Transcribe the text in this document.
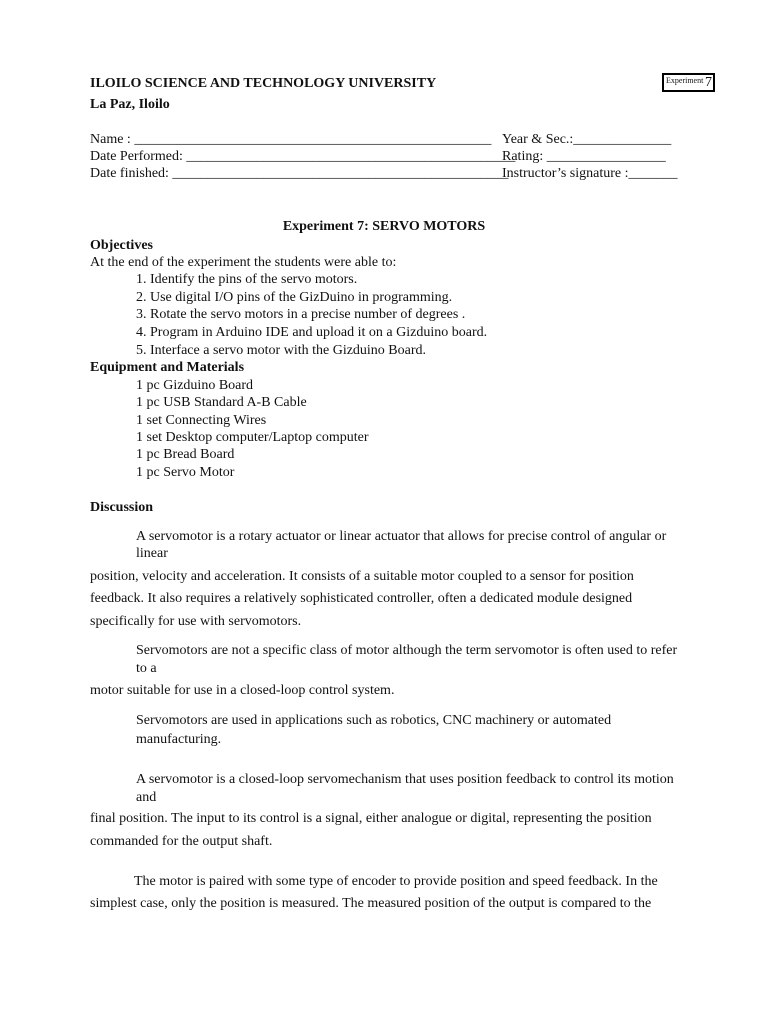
ILOILO SCIENCE AND TECHNOLOGY UNIVERSITY
La Paz, Iloilo
Experiment 7
Name : ___________________________________________________ Year & Sec.:______________
Date Performed: _______________________________________________
Rating: _________________
Date finished: ________________________________________________
Instructor’s signature :_______
Experiment 7: SERVO MOTORS
Objectives
At the end of the experiment the students were able to:
1. Identify the pins of the servo motors.
2. Use digital I/O pins of the GizDuino in programming.
3. Rotate the servo motors in a precise number of degrees .
4. Program in Arduino IDE and upload it on a Gizduino board.
5. Interface a servo motor with the Gizduino Board.
Equipment and Materials
1 pc Gizduino Board
1 pc USB Standard A-B Cable
1 set Connecting Wires
1 set Desktop computer/Laptop computer
1 pc Bread Board
1 pc Servo Motor
Discussion
A servomotor is a rotary actuator or linear actuator that allows for precise control of angular or
linear
position, velocity and acceleration. It consists of a suitable motor coupled to a sensor for position
feedback. It also requires a relatively sophisticated controller, often a dedicated module designed
specifically for use with servomotors.
Servomotors are not a specific class of motor although the term servomotor is often used to refer
to a
motor suitable for use in a closed-loop control system.
Servomotors are used in applications such as robotics, CNC machinery or automated
manufacturing.
A servomotor is a closed-loop servomechanism that uses position feedback to control its motion
and
final position. The input to its control is a signal, either analogue or digital, representing the position
commanded for the output shaft.
The motor is paired with some type of encoder to provide position and speed feedback. In the
simplest case, only the position is measured. The measured position of the output is compared to the
